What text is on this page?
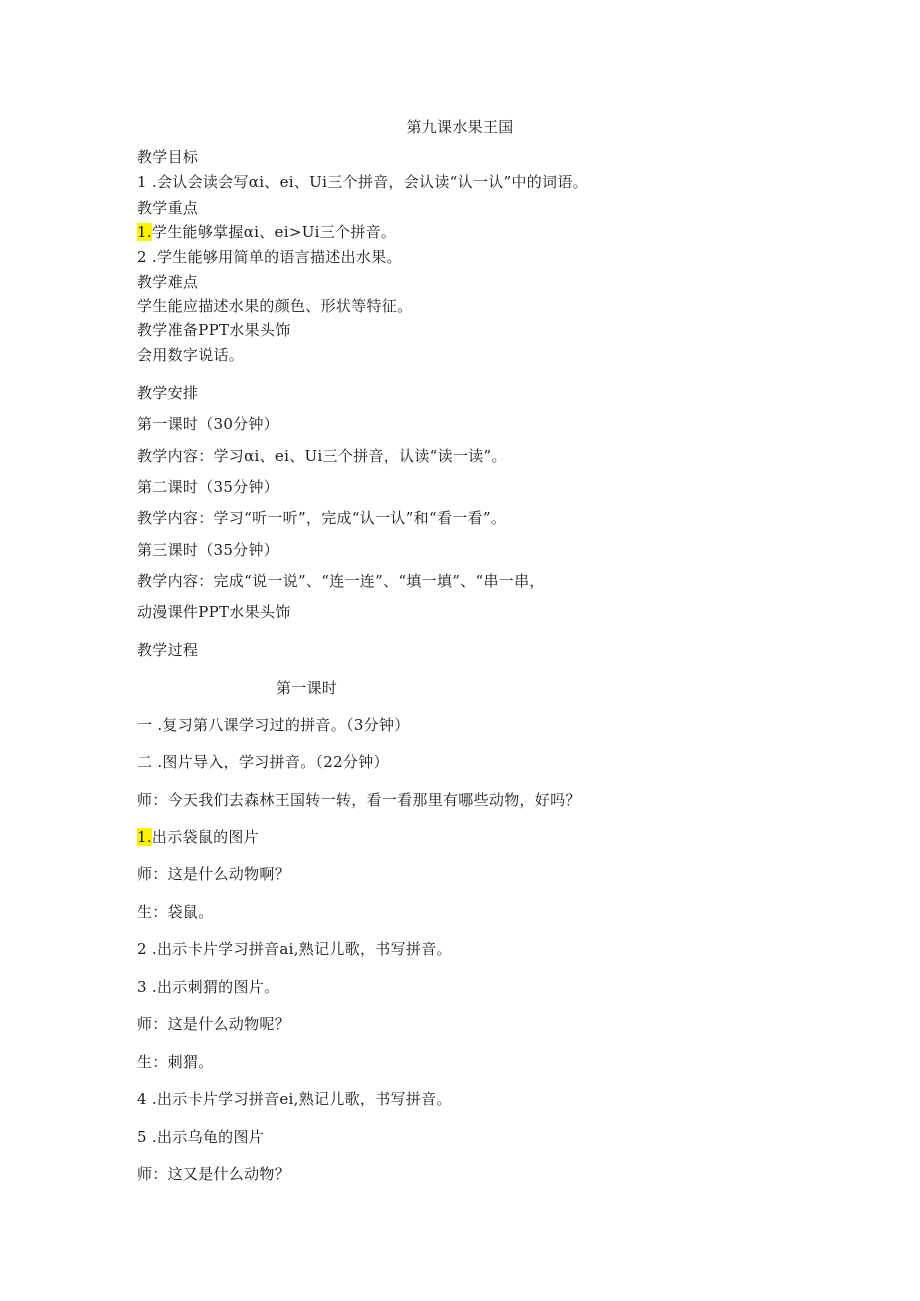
第九课水果王国
教学目标
1 .会认会读会写αi、ei、Ui三个拼音，会认读“认一认”中的词语。
教学重点
1.学生能够掌握αi、ei>Ui三个拼音。
2 .学生能够用简单的语言描述出水果。
教学难点
学生能应描述水果的颜色、形状等特征。
教学准备PPT水果头饰
会用数字说话。
教学安排
第一课时（30分钟）
教学内容：学习αi、ei、Ui三个拼音，认读“读一读”。
第二课时（35分钟）
教学内容：学习“听一听”，完成“认一认”和“看一看”。
第三课时（35分钟）
教学内容：完成“说一说”、“连一连”、“填一填”、“串一串，
动漫课件PPT水果头饰
教学过程
第一课时
一 .复习第八课学习过的拼音。（3分钟）
二 .图片导入，学习拼音。（22分钟）
师：今天我们去森林王国转一转，看一看那里有哪些动物，好吗？
1.出示袋鼠的图片
师：这是什么动物啊？
生：袋鼠。
2 .出示卡片学习拼音ai,熟记儿歌，书写拼音。
3 .出示刺猬的图片。
师：这是什么动物呢？
生：刺猬。
4 .出示卡片学习拼音ei,熟记儿歌，书写拼音。
5 .出示乌龟的图片
师：这又是什么动物？
